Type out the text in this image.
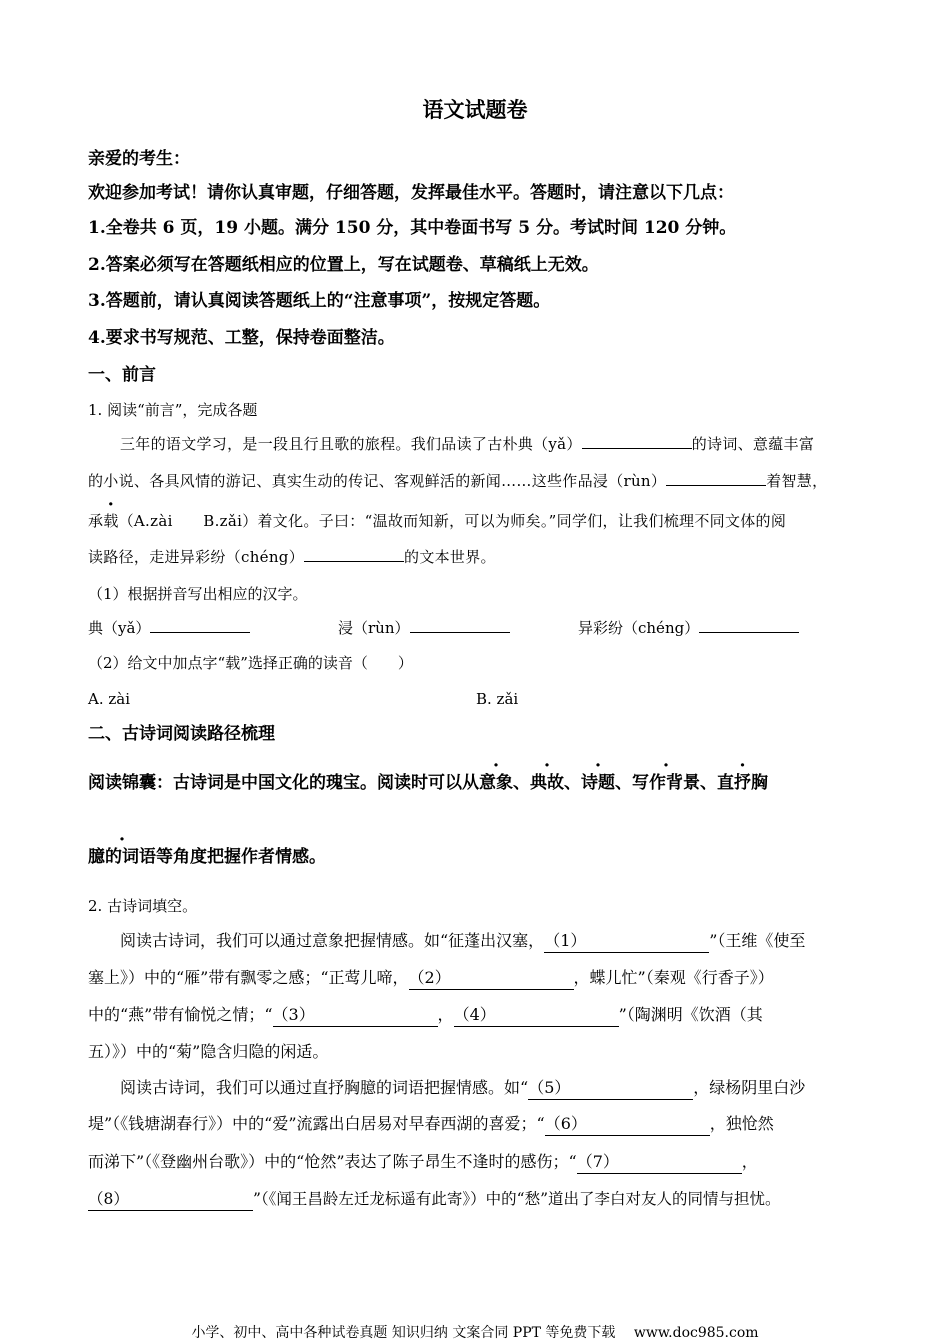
语文试题卷
亲爱的考生：
欢迎参加考试！请你认真审题，仔细答题，发挥最佳水平。答题时，请注意以下几点：
1.全卷共 6 页，19 小题。满分 150 分，其中卷面书写 5 分。考试时间 120 分钟。
2.答案必须写在答题纸相应的位置上，写在试题卷、草稿纸上无效。
3.答题前，请认真阅读答题纸上的“注意事项”，按规定答题。
4.要求书写规范、工整，保持卷面整洁。
一、前言
1. 阅读“前言”，完成各题
三年的语文学习，是一段且行且歌的旅程。我们品读了古朴典（yǎ）	的诗词、意蕴丰富
的小说、各具风情的游记、真实生动的传记、客观鲜活的新闻……这些作品浸（rùn）	着智慧，
承载（A.zài　　B.zǎi）着文化。子曰：“温故而知新，可以为师矣。”同学们，让我们梳理不同文体的阅
读路径，走进异彩纷（chéng）	的文本世界。
（1）根据拼音写出相应的汉字。
典（yǎ）	浸（rùn）	异彩纷（chéng）
（2）给文中加点字“载”选择正确的读音（　　）
A. zài	B. zǎi
二、古诗词阅读路径梳理
阅读锦囊：古诗词是中国文化的瑰宝。阅读时可以从意象、典故、诗题、写作背景、直抒胸
臆的词语等角度把握作者情感。
2. 古诗词填空。
阅读古诗词，我们可以通过意象把握情感。如“征蓬出汉塞，（1）	”（王维《使至
塞上》）中的“雁”带有飘零之感；“正莺儿啼，（2）	，蝶儿忙”（秦观《行香子》）
中的“燕”带有愉悦之情；“（3）	，（4）	”（陶渊明《饮酒（其
五）》）中的“菊”隐含归隐的闲适。
阅读古诗词，我们可以通过直抒胸臆的词语把握情感。如“（5）	，绿杨阴里白沙
堤”（《钱塘湖春行》）中的“爱”流露出白居易对早春西湖的喜爱；“（6）	，独怆然
而涕下”（《登幽州台歌》）中的“怆然”表达了陈子昂生不逢时的感伤；“（7）	，
（8）	”（《闻王昌龄左迁龙标遥有此寄》）中的“愁”道出了李白对友人的同情与担忧。
小学、初中、高中各种试卷真题 知识归纳 文案合同 PPT 等免费下载　 www.doc985.com
